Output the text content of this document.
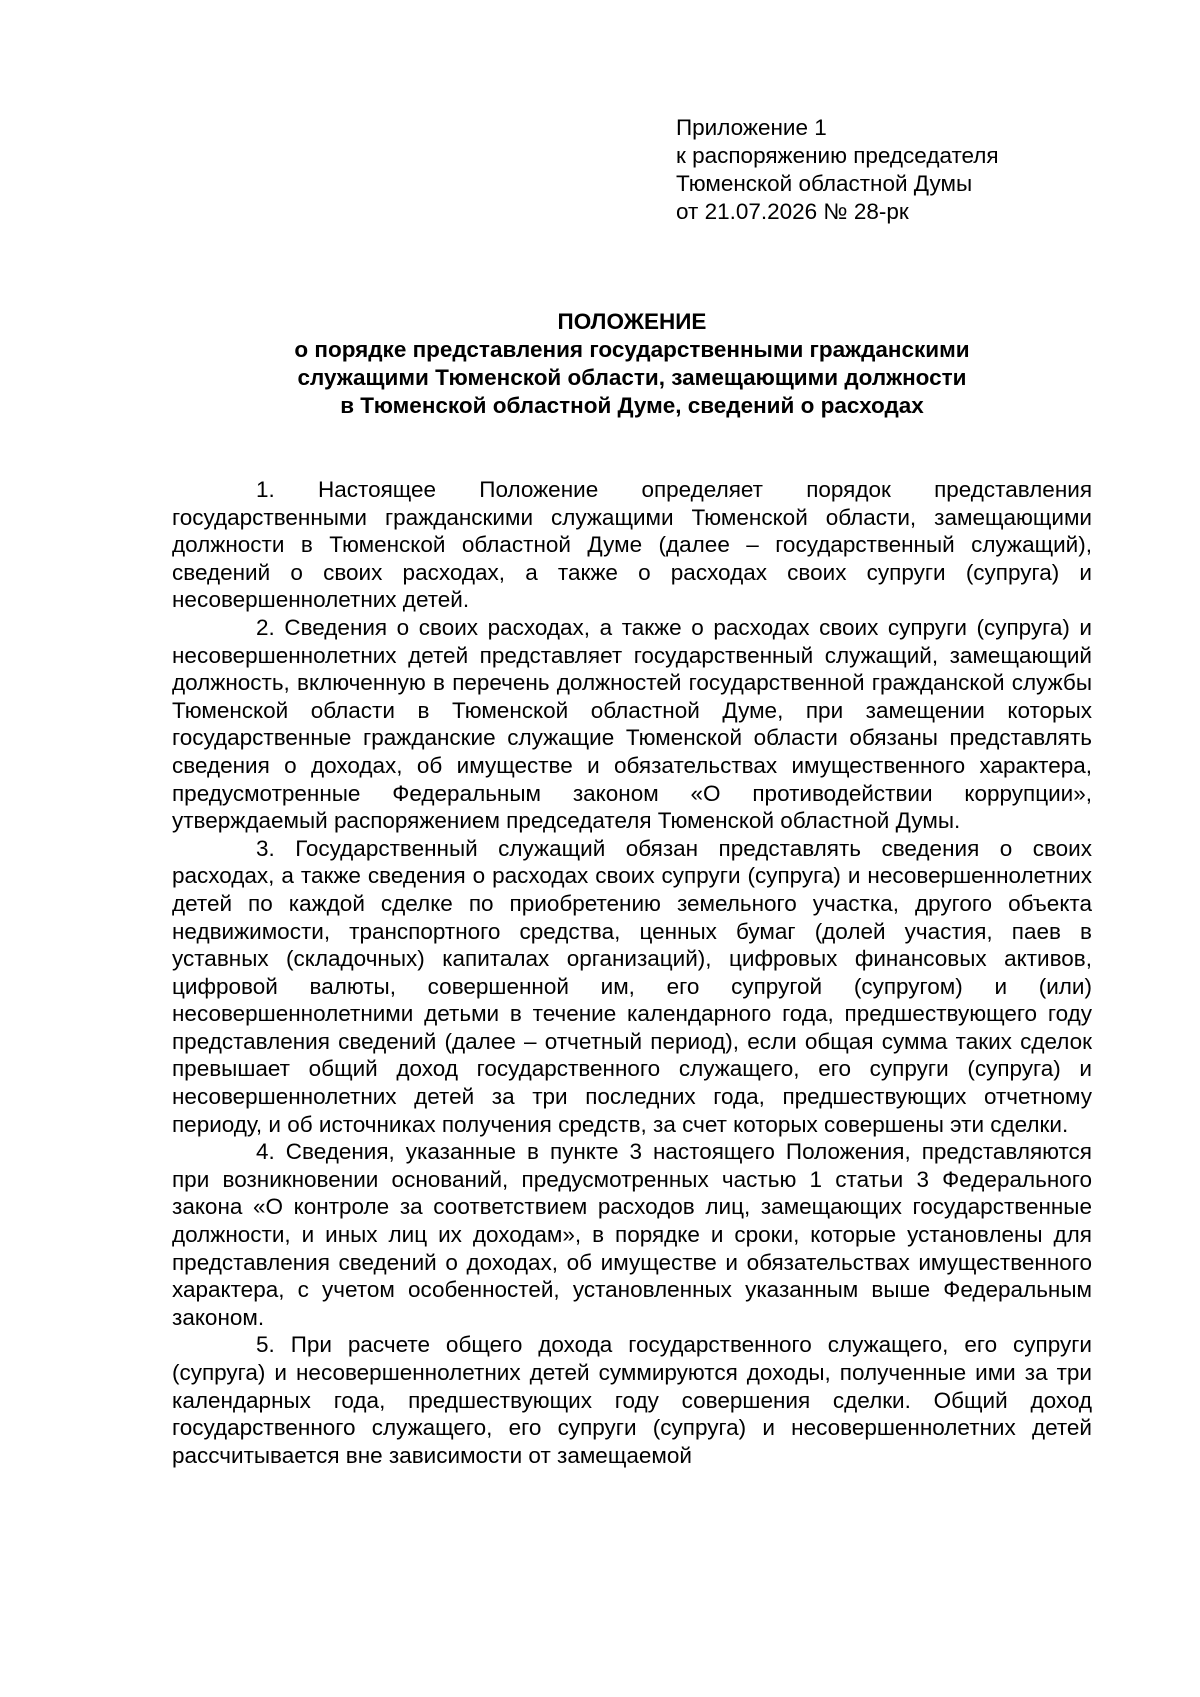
Приложение 1
к распоряжению председателя
Тюменской областной Думы
от 21.07.2026 № 28-рк
ПОЛОЖЕНИЕ
о порядке представления государственными гражданскими
служащими Тюменской области, замещающими должности
в Тюменской областной Думе, сведений о расходах

1. Настоящее Положение определяет порядок представления государственными гражданскими служащими Тюменской области, замещающими должности в Тюменской областной Думе (далее – государственный служащий), сведений о своих расходах, а также о расходах своих супруги (супруга) и несовершеннолетних детей.

2. Сведения о своих расходах, а также о расходах своих супруги (супруга) и несовершеннолетних детей представляет государственный служащий, замещающий должность, включенную в перечень должностей государственной гражданской службы Тюменской области в Тюменской областной Думе, при замещении которых государственные гражданские служащие Тюменской области обязаны представлять сведения о доходах, об имуществе и обязательствах имущественного характера, предусмотренные Федеральным законом «О противодействии коррупции», утверждаемый распоряжением председателя Тюменской областной Думы.

3. Государственный служащий обязан представлять сведения о своих расходах, а также сведения о расходах своих супруги (супруга) и несовершеннолетних детей по каждой сделке по приобретению земельного участка, другого объекта недвижимости, транспортного средства, ценных бумаг (долей участия, паев в уставных (складочных) капиталах организаций), цифровых финансовых активов, цифровой валюты, совершенной им, его супругой (супругом) и (или) несовершеннолетними детьми в течение календарного года, предшествующего году представления сведений (далее – отчетный период), если общая сумма таких сделок превышает общий доход государственного служащего, его супруги (супруга) и несовершеннолетних детей за три последних года, предшествующих отчетному периоду, и об источниках получения средств, за счет которых совершены эти сделки.

4. Сведения, указанные в пункте 3 настоящего Положения, представляются при возникновении оснований, предусмотренных частью 1 статьи 3 Федерального закона «О контроле за соответствием расходов лиц, замещающих государственные должности, и иных лиц их доходам», в порядке и сроки, которые установлены для представления сведений о доходах, об имуществе и обязательствах имущественного характера, с учетом особенностей, установленных указанным выше Федеральным законом.

5. При расчете общего дохода государственного служащего, его супруги (супруга) и несовершеннолетних детей суммируются доходы, полученные ими за три календарных года, предшествующих году совершения сделки. Общий доход государственного служащего, его супруги (супруга) и несовершеннолетних детей рассчитывается вне зависимости от замещаемой
